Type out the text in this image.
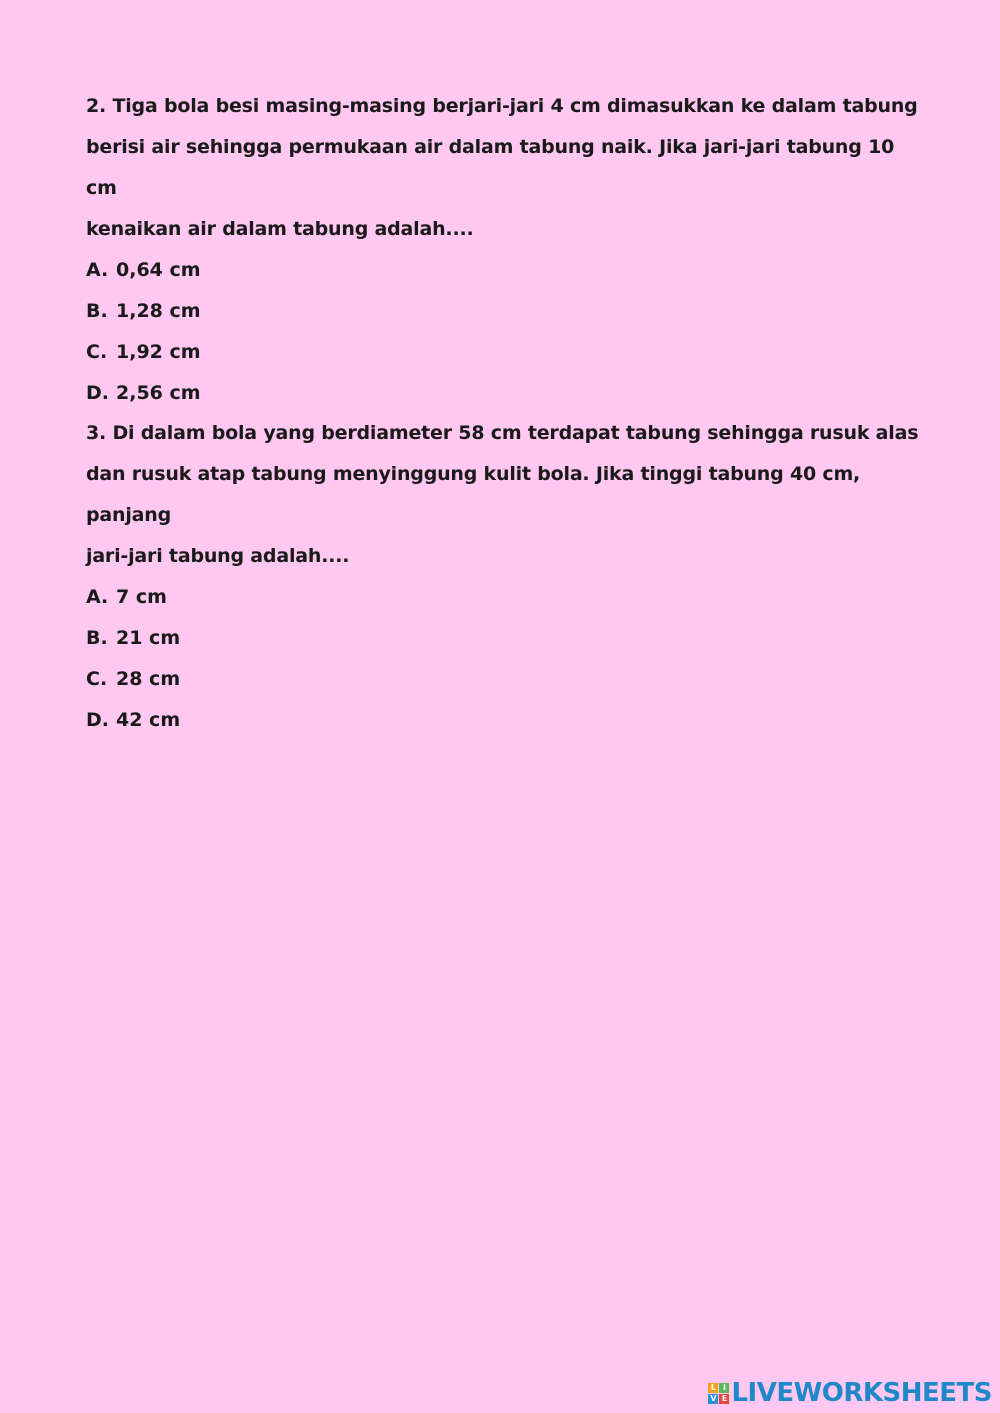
2. Tiga bola besi masing-masing berjari-jari 4 cm dimasukkan ke dalam tabung
berisi air sehingga permukaan air dalam tabung naik. Jika jari-jari tabung 10 cm
kenaikan air dalam tabung adalah....

A. 0,64 cm
B. 1,28 cm
C. 1,92 cm
D. 2,56 cm

3. Di dalam bola yang berdiameter 58 cm terdapat tabung sehingga rusuk alas
dan rusuk atap tabung menyinggung kulit bola. Jika tinggi tabung 40 cm, panjang
jari-jari tabung adalah....

A. 7 cm
B. 21 cm
C. 28 cm
D. 42 cm
L I
V E LIVEWORKSHEETS
